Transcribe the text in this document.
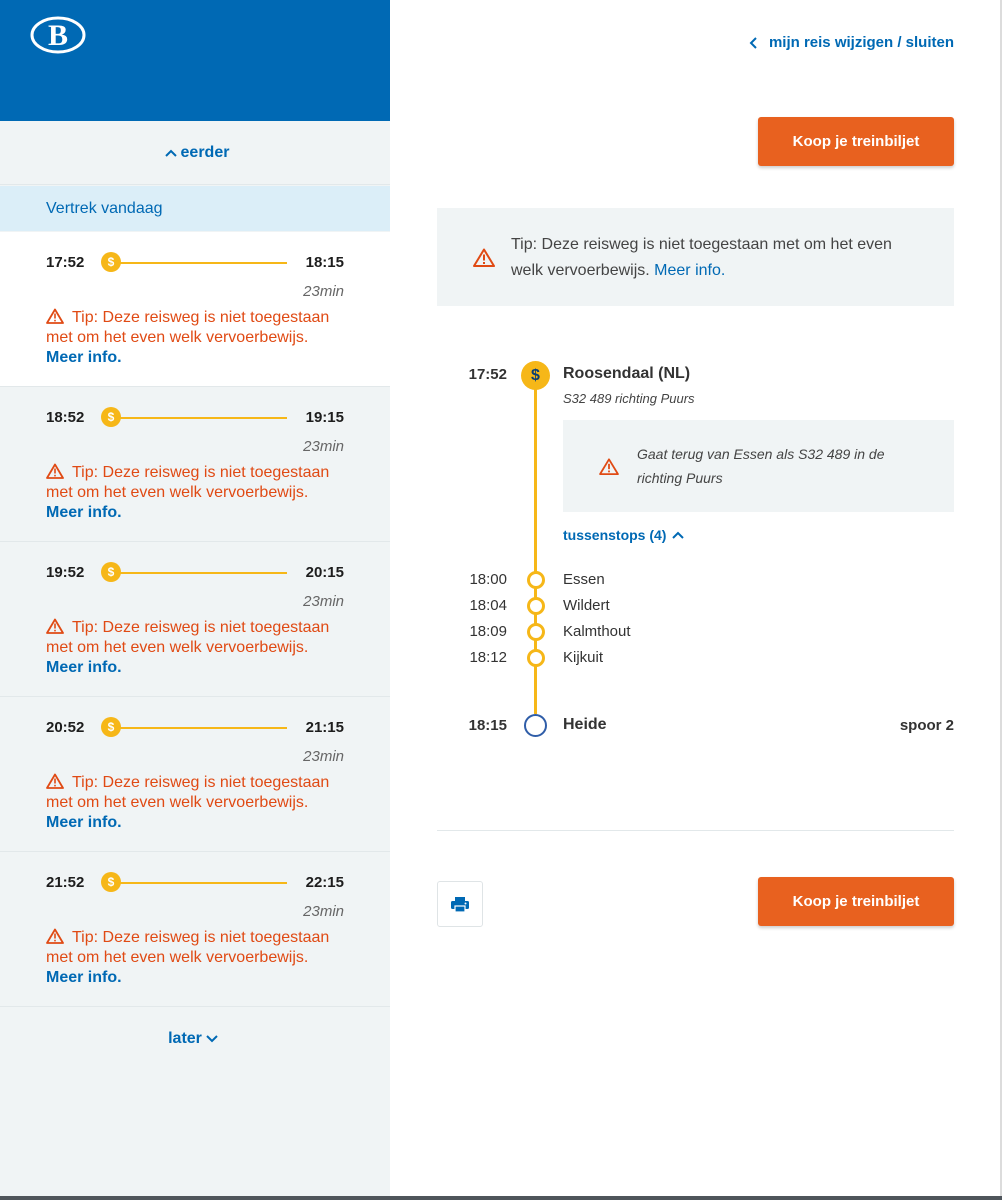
B
eerder
Vertrek vandaag
17:52	$	18:15
23min
Tip: Deze reisweg is niet toegestaan met om het even welk vervoerbewijs. Meer info.
18:52	$	19:15
23min
Tip: Deze reisweg is niet toegestaan met om het even welk vervoerbewijs. Meer info.
19:52	$	20:15
23min
Tip: Deze reisweg is niet toegestaan met om het even welk vervoerbewijs. Meer info.
20:52	$	21:15
23min
Tip: Deze reisweg is niet toegestaan met om het even welk vervoerbewijs. Meer info.
21:52	$	22:15
23min
Tip: Deze reisweg is niet toegestaan met om het even welk vervoerbewijs. Meer info.
later
mijn reis wijzigen / sluiten
Koop je treinbiljet
Tip: Deze reisweg is niet toegestaan met om het even welk vervoerbewijs. Meer info.
17:52	$	Roosendaal (NL)
S32 489 richting Puurs
Gaat terug van Essen als S32 489 in de richting Puurs
tussenstops (4)
18:00	Essen
18:04	Wildert
18:09	Kalmthout
18:12	Kijkuit
18:15	Heide	spoor 2
Koop je treinbiljet
